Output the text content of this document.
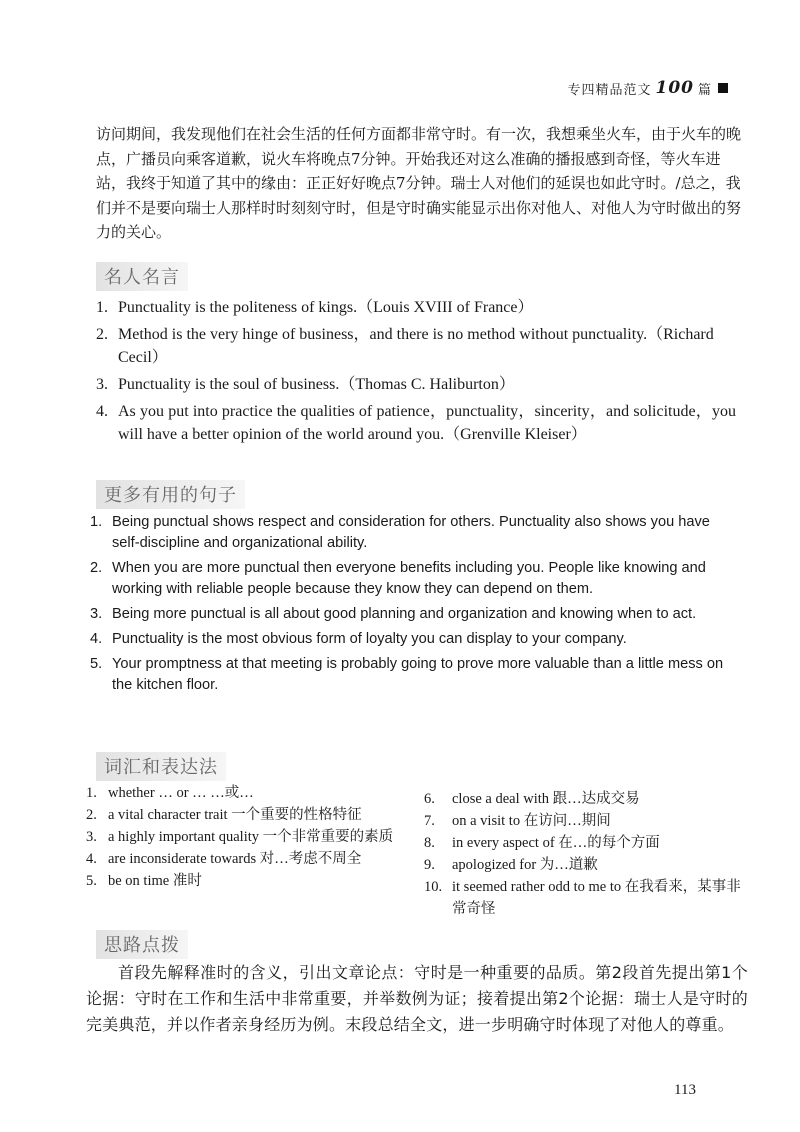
专四精品范文 100 篇
访问期间，我发现他们在社会生活的任何方面都非常守时。有一次，我想乘坐火车，由于火车的晚点，广播员向乘客道歉，说火车将晚点7分钟。开始我还对这么准确的播报感到奇怪，等火车进站，我终于知道了其中的缘由：正正好好晚点7分钟。瑞士人对他们的延误也如此守时。/总之，我们并不是要向瑞士人那样时时刻刻守时，但是守时确实能显示出你对他人、对他人为守时做出的努力的关心。
名人名言
1. Punctuality is the politeness of kings.（Louis XVIII of France）
2. Method is the very hinge of business，and there is no method without punctuality.（Richard Cecil）
3. Punctuality is the soul of business.（Thomas C. Haliburton）
4. As you put into practice the qualities of patience，punctuality，sincerity，and solicitude，you will have a better opinion of the world around you.（Grenville Kleiser）
更多有用的句子
1. Being punctual shows respect and consideration for others. Punctuality also shows you have self-discipline and organizational ability.
2. When you are more punctual then everyone benefits including you. People like knowing and working with reliable people because they know they can depend on them.
3. Being more punctual is all about good planning and organization and knowing when to act.
4. Punctuality is the most obvious form of loyalty you can display to your company.
5. Your promptness at that meeting is probably going to prove more valuable than a little mess on the kitchen floor.
词汇和表达法
1. whether … or … …或…
2. a vital character trait 一个重要的性格特征
3. a highly important quality 一个非常重要的素质
4. are inconsiderate towards 对…考虑不周全
5. be on time 准时
6. close a deal with 跟…达成交易
7. on a visit to 在访问…期间
8. in every aspect of 在…的每个方面
9. apologized for 为…道歉
10. it seemed rather odd to me to 在我看来，某事非常奇怪
思路点拨
首段先解释准时的含义，引出文章论点：守时是一种重要的品质。第2段首先提出第1个论据：守时在工作和生活中非常重要，并举数例为证；接着提出第2个论据：瑞士人是守时的完美典范，并以作者亲身经历为例。末段总结全文，进一步明确守时体现了对他人的尊重。
113
